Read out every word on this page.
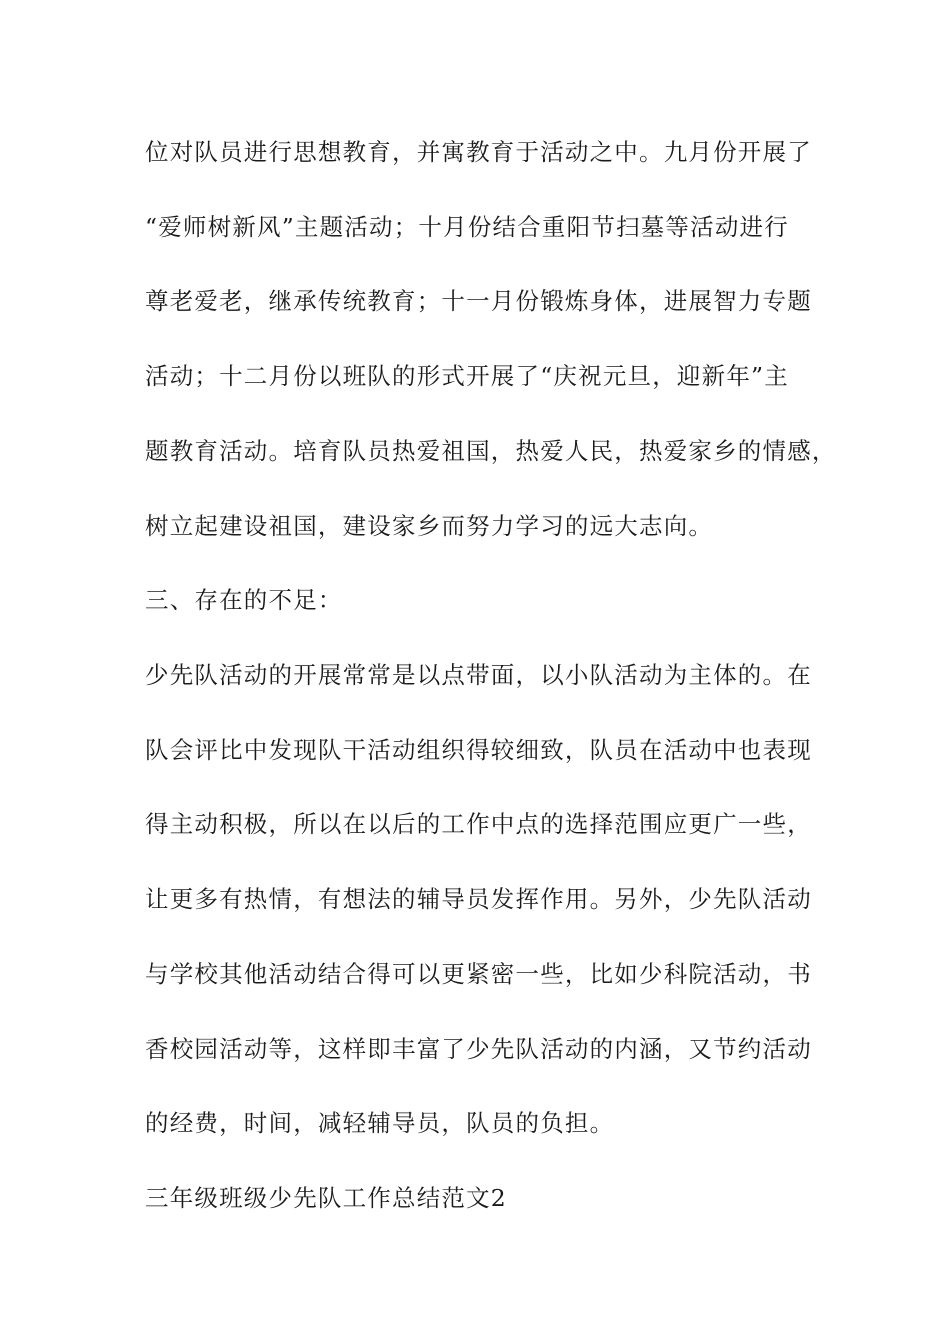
位对队员进行思想教育，并寓教育于活动之中。九月份开展了
“爱师树新风”主题活动；十月份结合重阳节扫墓等活动进行
尊老爱老，继承传统教育；十一月份锻炼身体，进展智力专题
活动；十二月份以班队的形式开展了“庆祝元旦，迎新年”主
题教育活动。培育队员热爱祖国，热爱人民，热爱家乡的情感，
树立起建设祖国，建设家乡而努力学习的远大志向。
三、存在的不足：
少先队活动的开展常常是以点带面，以小队活动为主体的。在
队会评比中发现队干活动组织得较细致，队员在活动中也表现
得主动积极，所以在以后的工作中点的选择范围应更广一些，
让更多有热情，有想法的辅导员发挥作用。另外，少先队活动
与学校其他活动结合得可以更紧密一些，比如少科院活动，书
香校园活动等，这样即丰富了少先队活动的内涵，又节约活动
的经费，时间，减轻辅导员，队员的负担。
三年级班级少先队工作总结范文2
